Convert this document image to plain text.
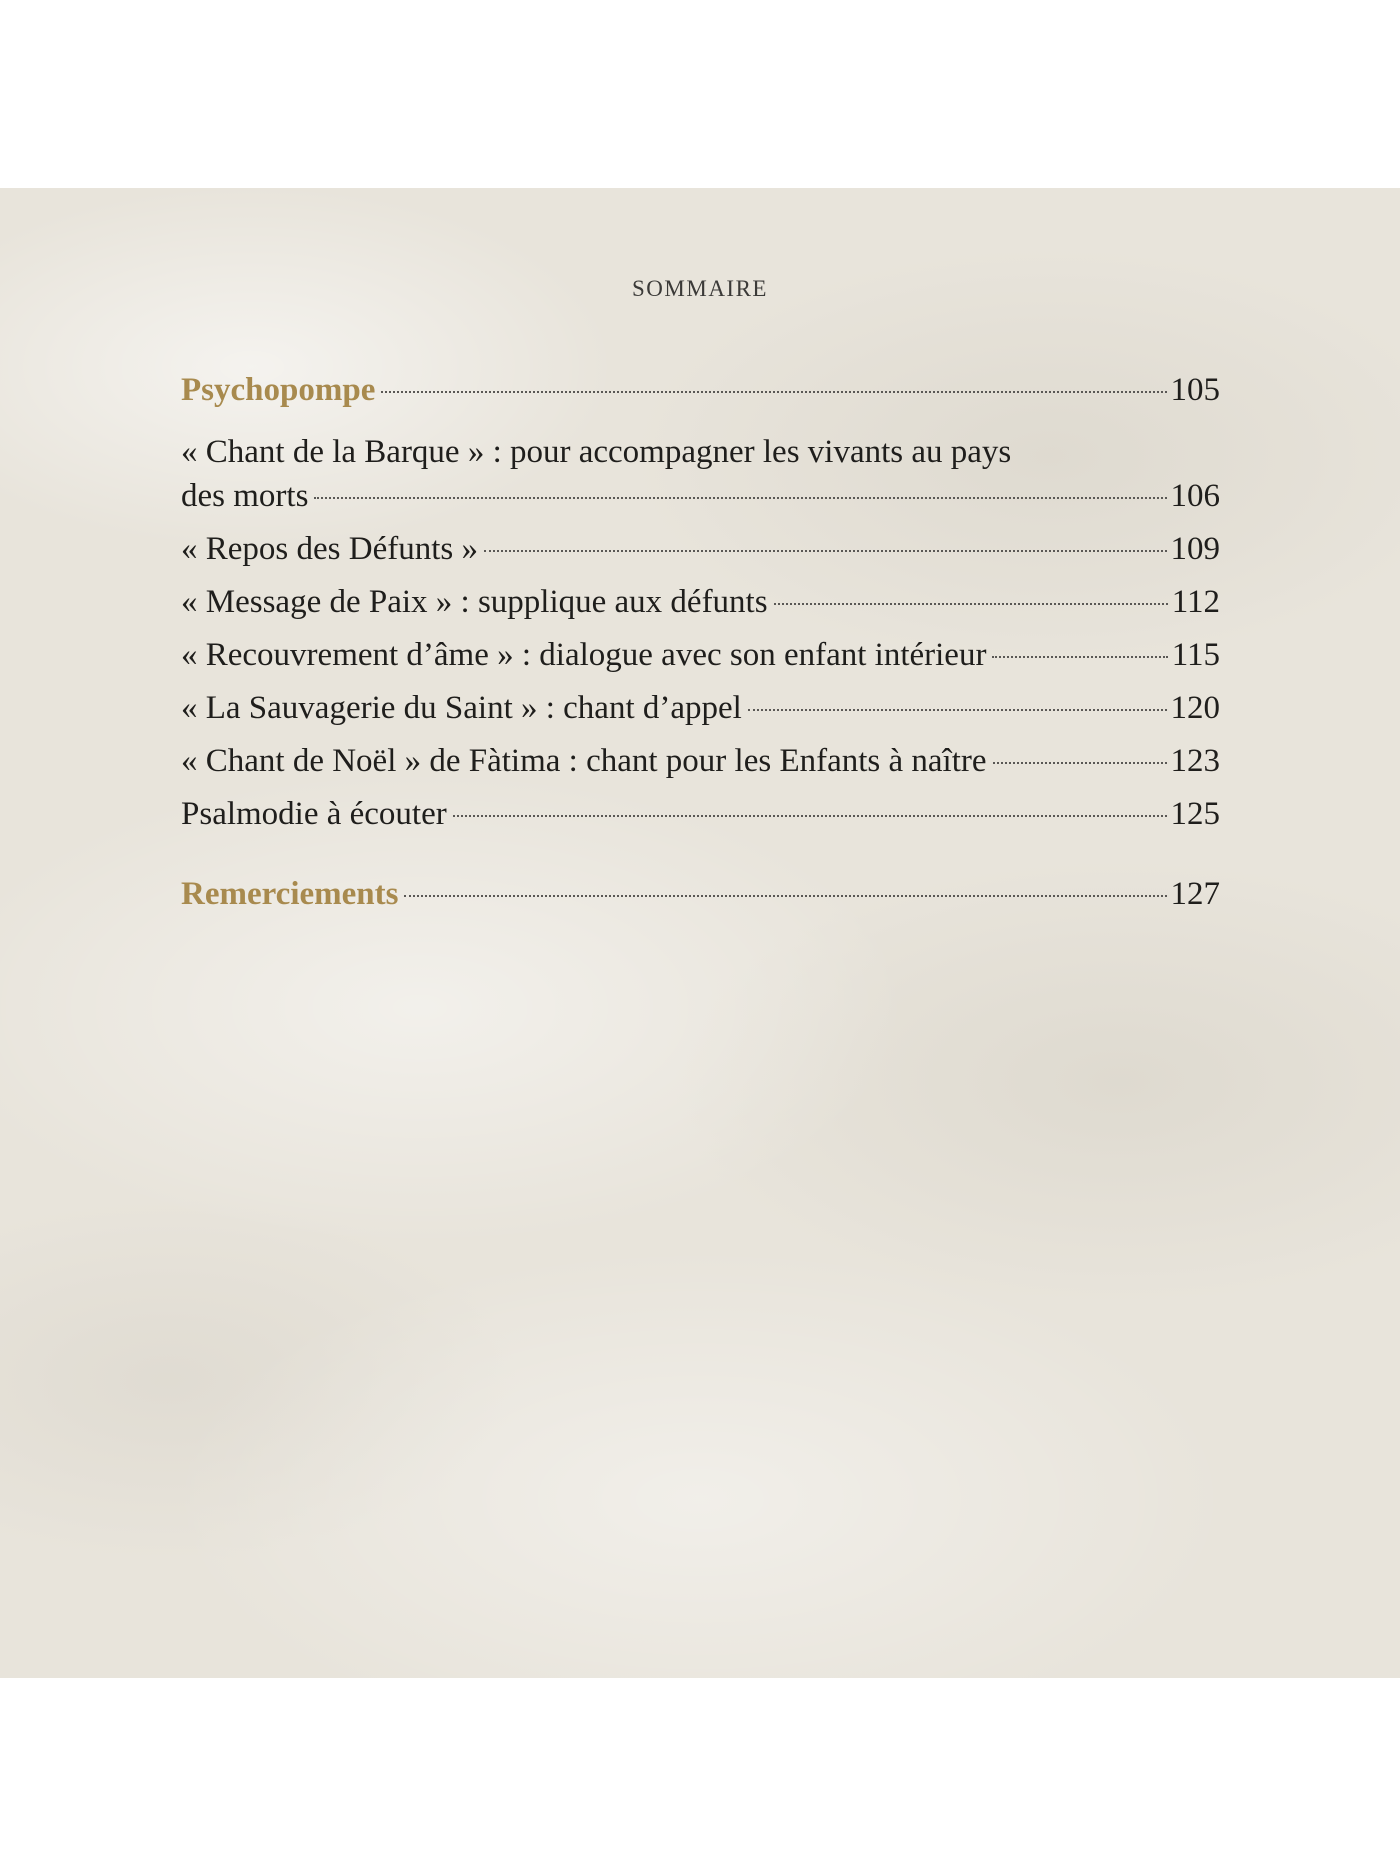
SOMMAIRE
Psychopompe	105
« Chant de la Barque » : pour accompagner les vivants au pays
des morts	106
« Repos des Défunts »	109
« Message de Paix » : supplique aux défunts	112
« Recouvrement d’âme » : dialogue avec son enfant intérieur	115
« La Sauvagerie du Saint » : chant d’appel	120
« Chant de Noël » de Fàtima : chant pour les Enfants à naître	123
Psalmodie à écouter	125
Remerciements	127
